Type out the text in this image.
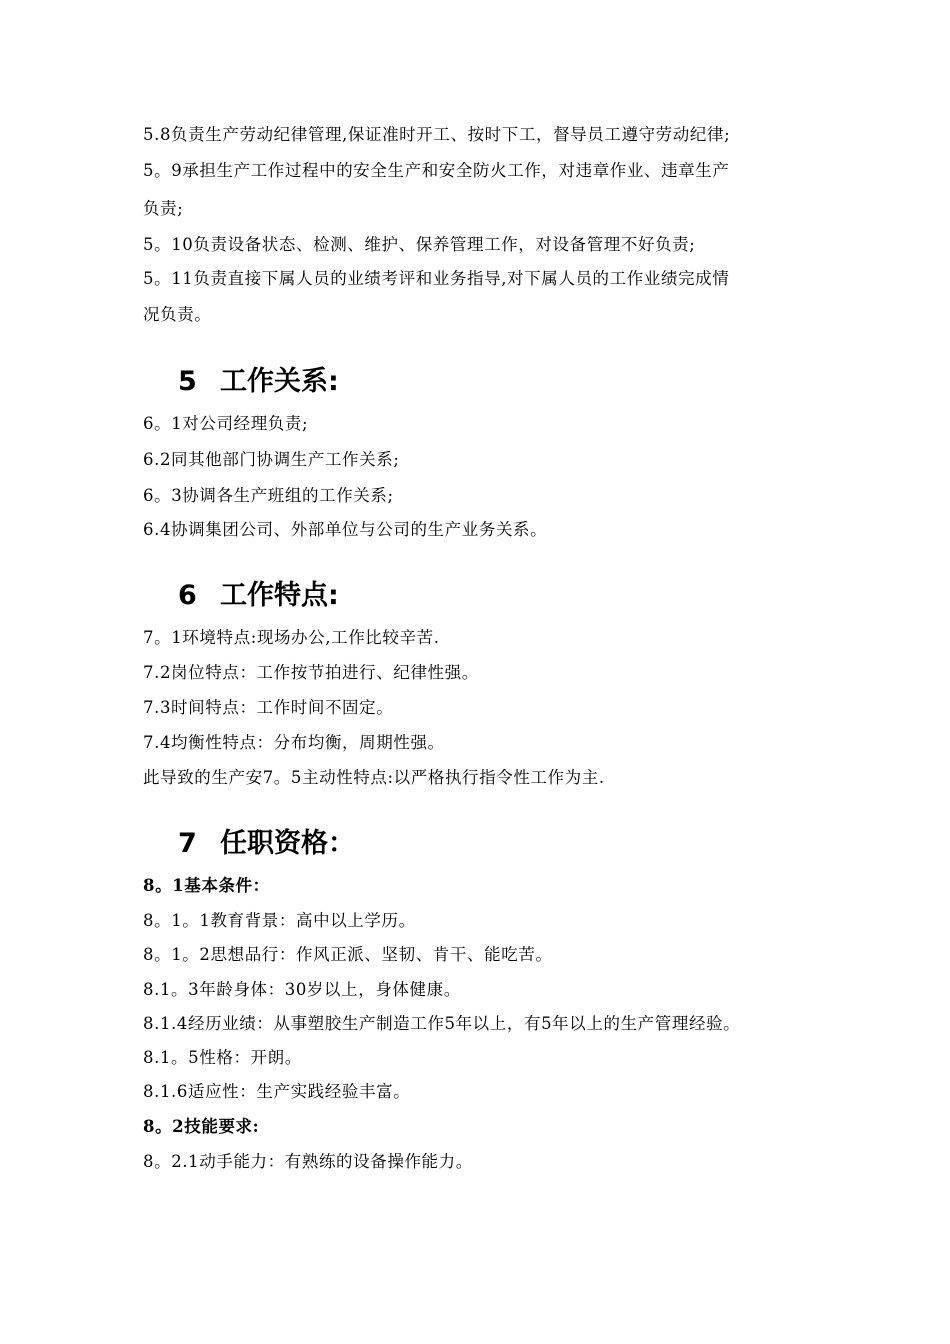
5.8负责生产劳动纪律管理,保证准时开工、按时下工，督导员工遵守劳动纪律;
5。9承担生产工作过程中的安全生产和安全防火工作，对违章作业、违章生产
负责;
5。10负责设备状态、检测、维护、保养管理工作，对设备管理不好负责;
5。11负责直接下属人员的业绩考评和业务指导,对下属人员的工作业绩完成情
况负责。
5 工作关系:
6。1对公司经理负责;
6.2同其他部门协调生产工作关系;
6。3协调各生产班组的工作关系;
6.4协调集团公司、外部单位与公司的生产业务关系。
6 工作特点:
7。1环境特点:现场办公,工作比较辛苦.
7.2岗位特点：工作按节拍进行、纪律性强。
7.3时间特点：工作时间不固定。
7.4均衡性特点：分布均衡，周期性强。
此导致的生产安7。5主动性特点:以严格执行指令性工作为主.
7 任职资格：
8。1基本条件：
8。1。1教育背景：高中以上学历。
8。1。2思想品行：作风正派、坚韧、肯干、能吃苦。
8.1。3年龄身体：30岁以上，身体健康。
8.1.4经历业绩：从事塑胶生产制造工作5年以上，有5年以上的生产管理经验。
8.1。5性格：开朗。
8.1.6适应性：生产实践经验丰富。
8。2技能要求:
8。2.1动手能力：有熟练的设备操作能力。
